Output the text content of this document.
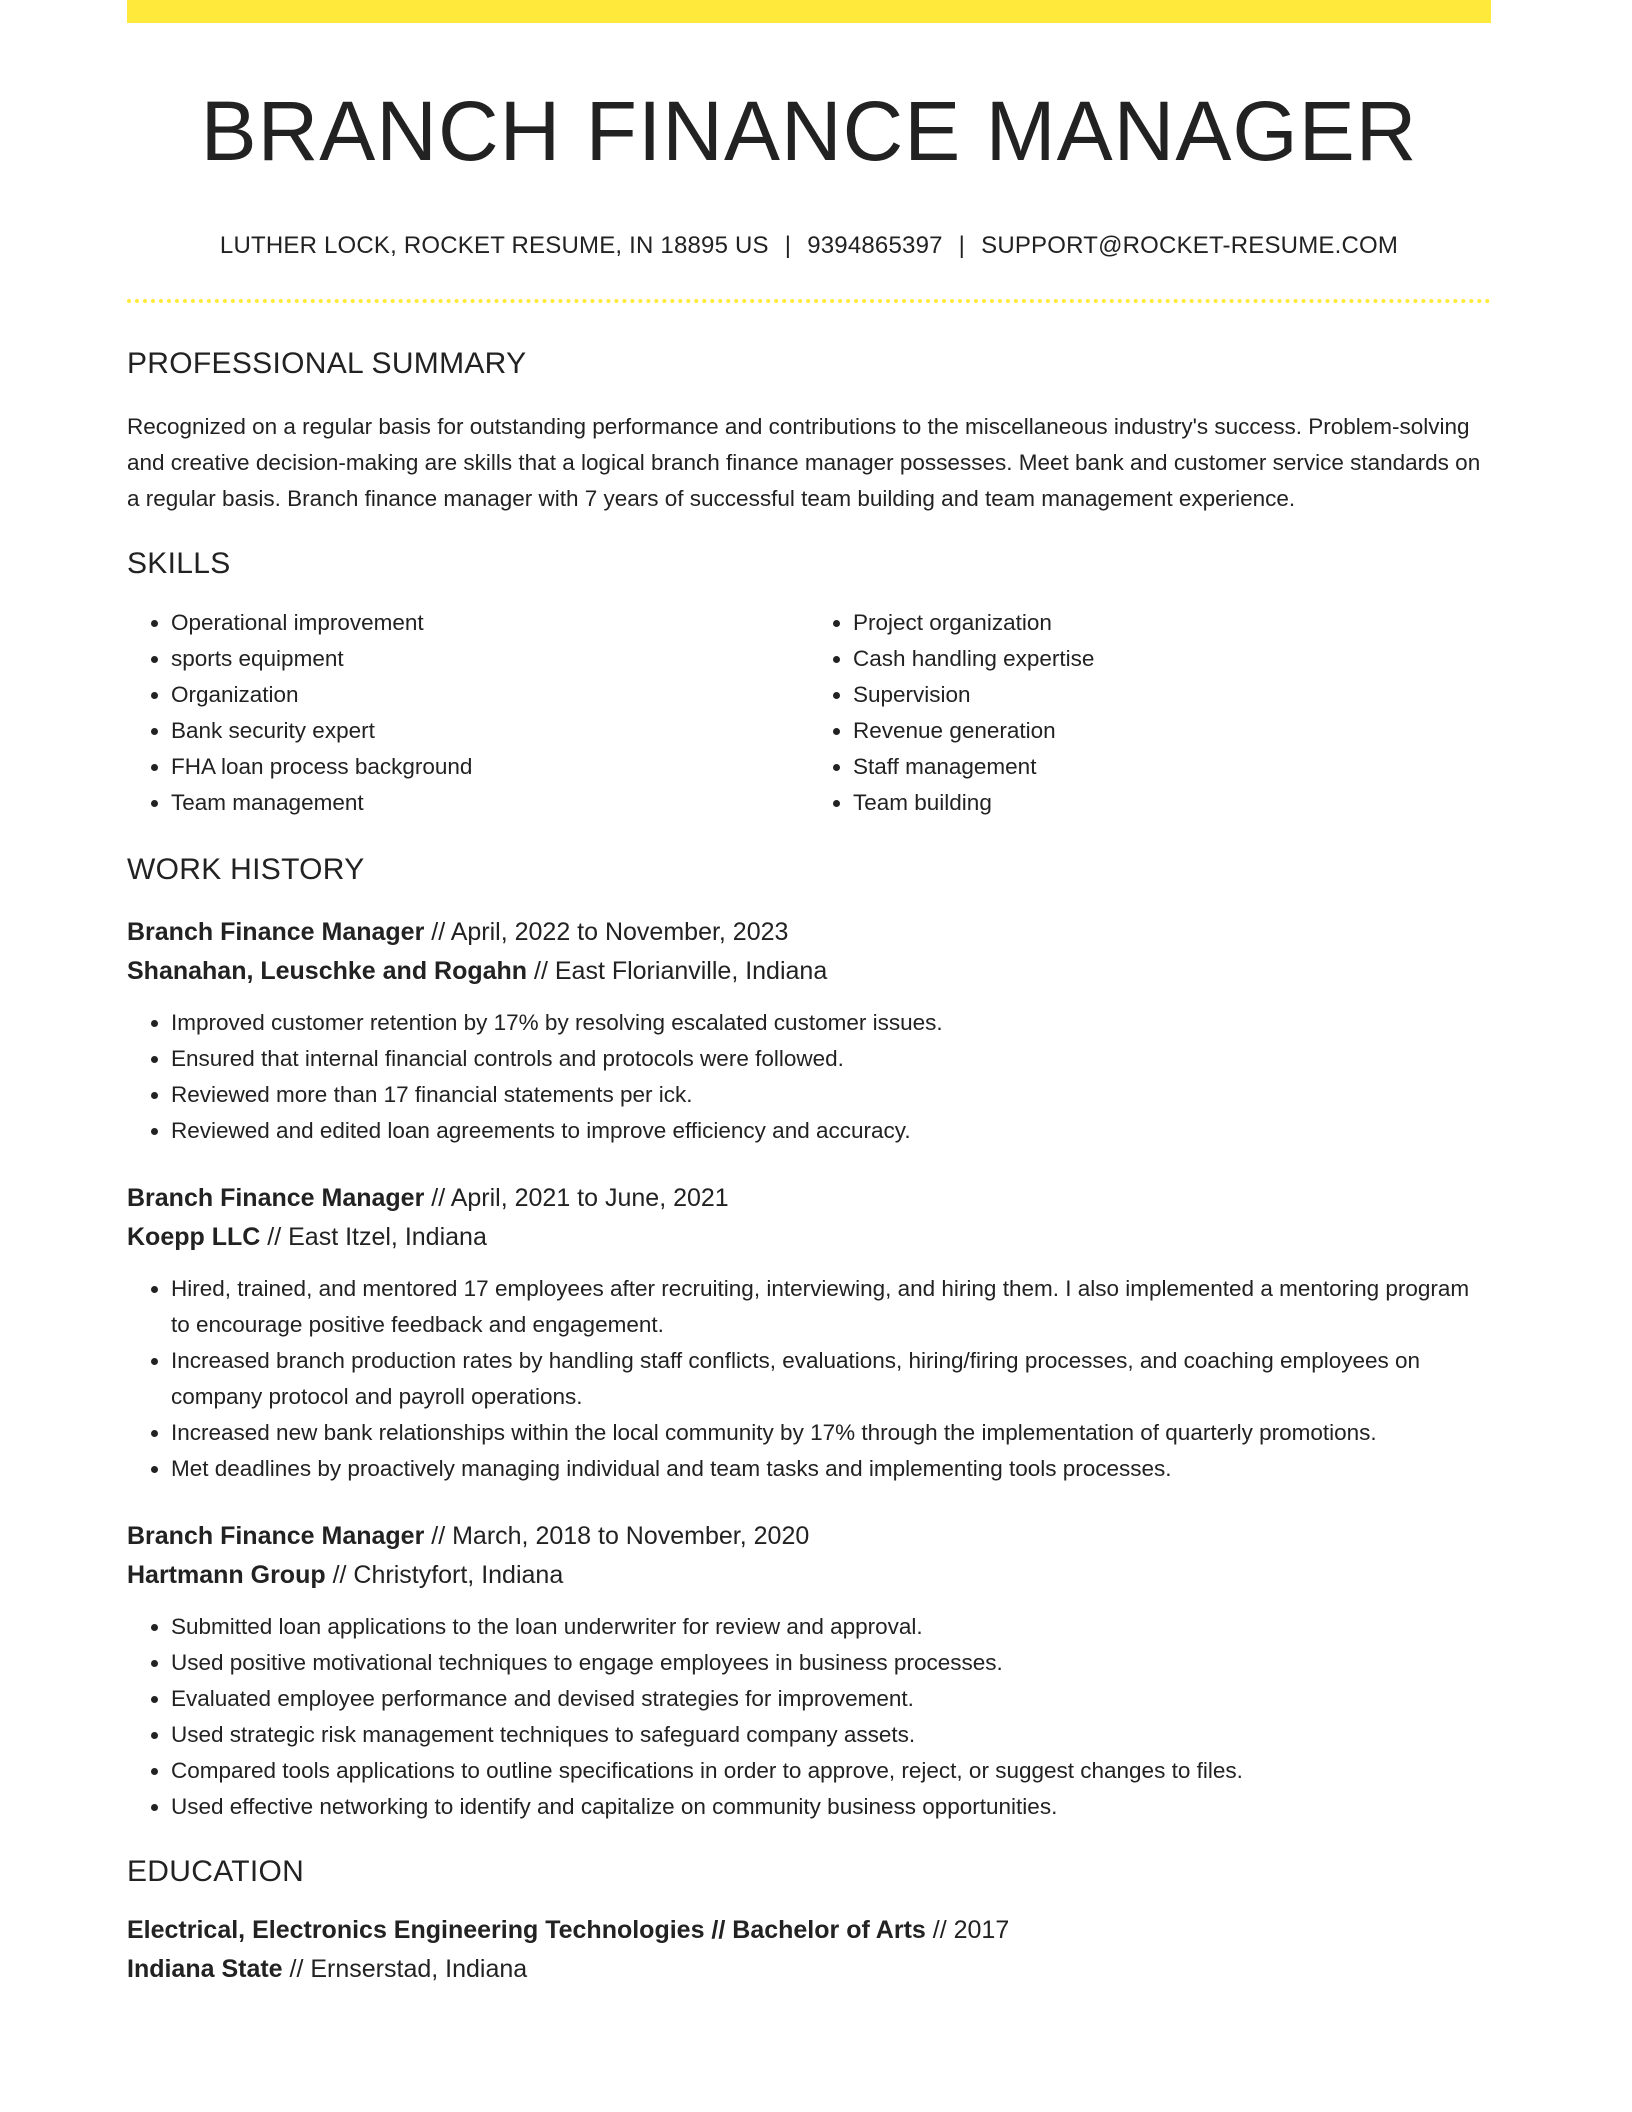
BRANCH FINANCE MANAGER
LUTHER LOCK, ROCKET RESUME, IN 18895 US | 9394865397 | SUPPORT@ROCKET-RESUME.COM
PROFESSIONAL SUMMARY

Recognized on a regular basis for outstanding performance and contributions to the miscellaneous industry's success. Problem-solving and creative decision-making are skills that a logical branch finance manager possesses. Meet bank and customer service standards on a regular basis. Branch finance manager with 7 years of successful team building and team management experience.

SKILLS
• Operational improvement
• sports equipment
• Organization
• Bank security expert
• FHA loan process background
• Team management
• Project organization
• Cash handling expertise
• Supervision
• Revenue generation
• Staff management
• Team building
WORK HISTORY
Branch Finance Manager // April, 2022 to November, 2023
Shanahan, Leuschke and Rogahn // East Florianville, Indiana
• Improved customer retention by 17% by resolving escalated customer issues.
• Ensured that internal financial controls and protocols were followed.
• Reviewed more than 17 financial statements per ick.
• Reviewed and edited loan agreements to improve efficiency and accuracy.
Branch Finance Manager // April, 2021 to June, 2021
Koepp LLC // East Itzel, Indiana
• Hired, trained, and mentored 17 employees after recruiting, interviewing, and hiring them. I also implemented a mentoring program to encourage positive feedback and engagement.
• Increased branch production rates by handling staff conflicts, evaluations, hiring/firing processes, and coaching employees on company protocol and payroll operations.
• Increased new bank relationships within the local community by 17% through the implementation of quarterly promotions.
• Met deadlines by proactively managing individual and team tasks and implementing tools processes.
Branch Finance Manager // March, 2018 to November, 2020
Hartmann Group // Christyfort, Indiana
• Submitted loan applications to the loan underwriter for review and approval.
• Used positive motivational techniques to engage employees in business processes.
• Evaluated employee performance and devised strategies for improvement.
• Used strategic risk management techniques to safeguard company assets.
• Compared tools applications to outline specifications in order to approve, reject, or suggest changes to files.
• Used effective networking to identify and capitalize on community business opportunities.
EDUCATION
Electrical, Electronics Engineering Technologies // Bachelor of Arts // 2017
Indiana State // Ernserstad, Indiana
